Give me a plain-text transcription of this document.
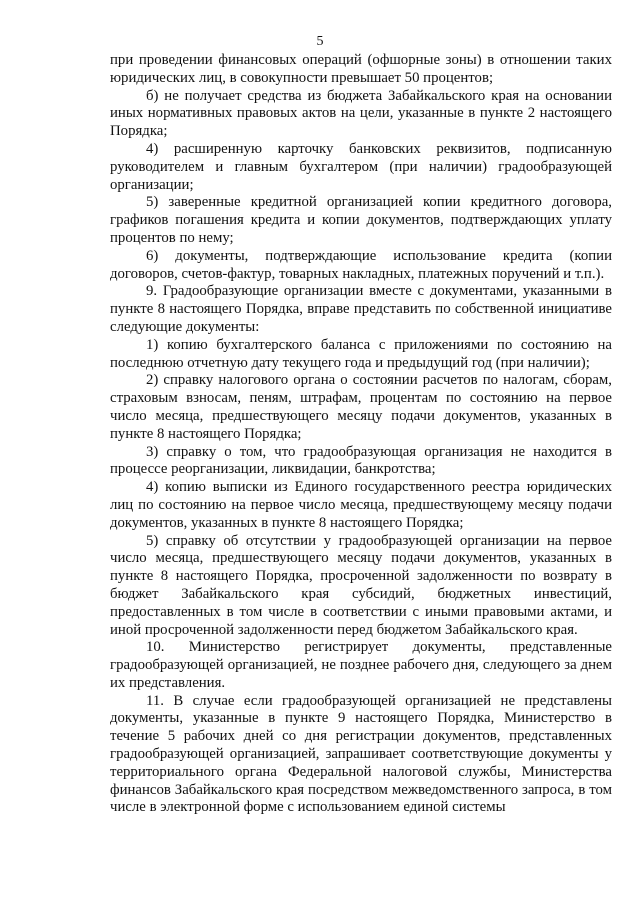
5

при проведении финансовых операций (офшорные зоны) в отношении таких юридических лиц, в совокупности превышает 50 процентов;

б) не получает средства из бюджета Забайкальского края на основании иных нормативных правовых актов на цели, указанные в пункте 2 настоящего Порядка;

4) расширенную карточку банковских реквизитов, подписанную руководителем и главным бухгалтером (при наличии) градообразующей организации;

5) заверенные кредитной организацией копии кредитного договора, графиков погашения кредита и копии документов, подтверждающих уплату процентов по нему;

6) документы, подтверждающие использование кредита (копии договоров, счетов-фактур, товарных накладных, платежных поручений и т.п.).

9. Градообразующие организации вместе с документами, указанными в пункте 8 настоящего Порядка, вправе представить по собственной инициативе следующие документы:

1) копию бухгалтерского баланса с приложениями по состоянию на последнюю отчетную дату текущего года и предыдущий год (при наличии);

2) справку налогового органа о состоянии расчетов по налогам, сборам, страховым взносам, пеням, штрафам, процентам по состоянию на первое число месяца, предшествующего месяцу подачи документов, указанных в пункте 8 настоящего Порядка;

3) справку о том, что градообразующая организация не находится в процессе реорганизации, ликвидации, банкротства;

4) копию выписки из Единого государственного реестра юридических лиц по состоянию на первое число месяца, предшествующему месяцу подачи документов, указанных в пункте 8 настоящего Порядка;

5) справку об отсутствии у градообразующей организации на первое число месяца, предшествующего месяцу подачи документов, указанных в пункте 8 настоящего Порядка, просроченной задолженности по возврату в бюджет Забайкальского края субсидий, бюджетных инвестиций, предоставленных в том числе в соответствии с иными правовыми актами, и иной просроченной задолженности перед бюджетом Забайкальского края.

10. Министерство регистрирует документы, представленные градообразующей организацией, не позднее рабочего дня, следующего за днем их представления.

11. В случае если градообразующей организацией не представлены документы, указанные в пункте 9 настоящего Порядка, Министерство в течение 5 рабочих дней со дня регистрации документов, представленных градообразующей организацией, запрашивает соответствующие документы у территориального органа Федеральной налоговой службы, Министерства финансов Забайкальского края посредством межведомственного запроса, в том числе в электронной форме с использованием единой системы
